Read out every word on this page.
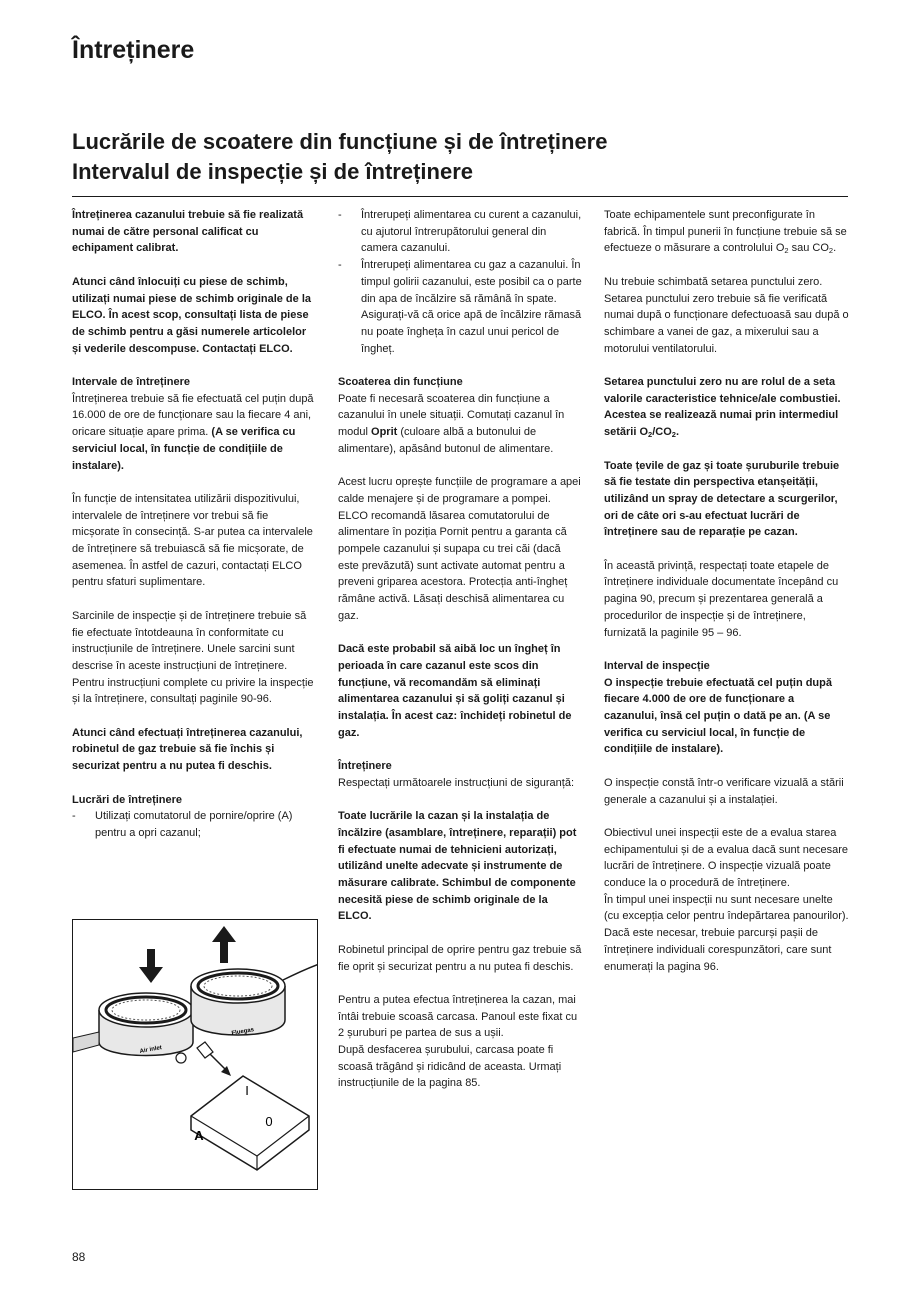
Întreținere
Lucrările de scoatere din funcțiune și de întreținere
Intervalul de inspecție și de întreținere

Întreținerea cazanului trebuie să fie realizată numai de către personal calificat cu echipament calibrat.

Atunci când înlocuiți cu piese de schimb, utilizați numai piese de schimb originale de la ELCO. În acest scop, consultați lista de piese de schimb pentru a găsi numerele articolelor și vederile descompuse. Contactați ELCO.

Intervale de întreținere

Întreținerea trebuie să fie efectuată cel puțin după 16.000 de ore de funcționare sau la fiecare 4 ani, oricare situație apare prima. (A se verifica cu serviciul local, în funcție de condițiile de instalare).

În funcție de intensitatea utilizării dispozitivului, intervalele de întreținere vor trebui să fie micșorate în consecință. S-ar putea ca intervalele de întreținere să trebuiască să fie micșorate, de asemenea. În astfel de cazuri, contactați ELCO pentru sfaturi suplimentare.

Sarcinile de inspecție și de întreținere trebuie să fie efectuate întotdeauna în conformitate cu instrucțiunile de întreținere. Unele sarcini sunt descrise în aceste instrucțiuni de întreținere. Pentru instrucțiuni complete cu privire la inspecție și la întreținere, consultați paginile 90-96.

Atunci când efectuați întreținerea cazanului, robinetul de gaz trebuie să fie închis și securizat pentru a nu putea fi deschis.

Lucrări de întreținere

- Utilizați comutatorul de pornire/oprire (A) pentru a opri cazanul;

Air inlet
Fluegas
I
0
A

- Întrerupeți alimentarea cu curent a cazanului, cu ajutorul întrerupătorului general din camera cazanului.

- Întrerupeți alimentarea cu gaz a cazanului. În timpul golirii cazanului, este posibil ca o parte din apa de încălzire să rămână în spate. Asigurați-vă că orice apă de încălzire rămasă nu poate îngheța în cazul unui pericol de îngheț.

Scoaterea din funcțiune

Poate fi necesară scoaterea din funcțiune a cazanului în unele situații. Comutați cazanul în modul Oprit (culoare albă a butonului de alimentare), apăsând butonul de alimentare.

Acest lucru oprește funcțiile de programare a apei calde menajere și de programare a pompei.

ELCO recomandă lăsarea comutatorului de alimentare în poziția Pornit pentru a garanta că pompele cazanului și supapa cu trei căi (dacă este prevăzută) sunt activate automat pentru a preveni griparea acestora. Protecția anti-îngheț rămâne activă. Lăsați deschisă alimentarea cu gaz.

Dacă este probabil să aibă loc un îngheț în perioada în care cazanul este scos din funcțiune, vă recomandăm să eliminați alimentarea cazanului și să goliți cazanul și instalația. În acest caz: închideți robinetul de gaz.

Întreținere

Respectați următoarele instrucțiuni de siguranță:

Toate lucrările la cazan și la instalația de încălzire (asamblare, întreținere, reparații) pot fi efectuate numai de tehnicieni autorizați, utilizând unelte adecvate și instrumente de măsurare calibrate. Schimbul de componente necesită piese de schimb originale de la ELCO.

Robinetul principal de oprire pentru gaz trebuie să fie oprit și securizat pentru a nu putea fi deschis.

Pentru a putea efectua întreținerea la cazan, mai întâi trebuie scoasă carcasa. Panoul este fixat cu 2 șuruburi pe partea de sus a ușii.

După desfacerea șurubului, carcasa poate fi scoasă trăgând și ridicând de aceasta. Urmați instrucțiunile de la pagina 85.

Toate echipamentele sunt preconfigurate în fabrică. În timpul punerii în funcțiune trebuie să se efectueze o măsurare a controlului $O_2$ sau $CO_2$.

Nu trebuie schimbată setarea punctului zero. Setarea punctului zero trebuie să fie verificată numai după o funcționare defectuoasă sau după o schimbare a vanei de gaz, a mixerului sau a motorului ventilatorului.

Setarea punctului zero nu are rolul de a seta valorile caracteristice tehnice/ale combustiei. Acestea se realizează numai prin intermediul setării $O_2/CO_2$.

Toate țevile de gaz și toate șuruburile trebuie să fie testate din perspectiva etanșeității, utilizând un spray de detectare a scurgerilor, ori de câte ori s-au efectuat lucrări de întreținere sau de reparație pe cazan.

În această privință, respectați toate etapele de întreținere individuale documentate începând cu pagina 90, precum și prezentarea generală a procedurilor de inspecție și de întreținere, furnizată la paginile 95 – 96.

Interval de inspecție

O inspecție trebuie efectuată cel puțin după fiecare 4.000 de ore de funcționare a cazanului, însă cel puțin o dată pe an. (A se verifica cu serviciul local, în funcție de condițiile de instalare).

O inspecție constă într-o verificare vizuală a stării generale a cazanului și a instalației.

Obiectivul unei inspecții este de a evalua starea echipamentului și de a evalua dacă sunt necesare lucrări de întreținere. O inspecție vizuală poate conduce la o procedură de întreținere.

În timpul unei inspecții nu sunt necesare unelte (cu excepția celor pentru îndepărtarea panourilor). Dacă este necesar, trebuie parcurși pașii de întreținere individuali corespunzători, care sunt enumerați la pagina 96.

88
